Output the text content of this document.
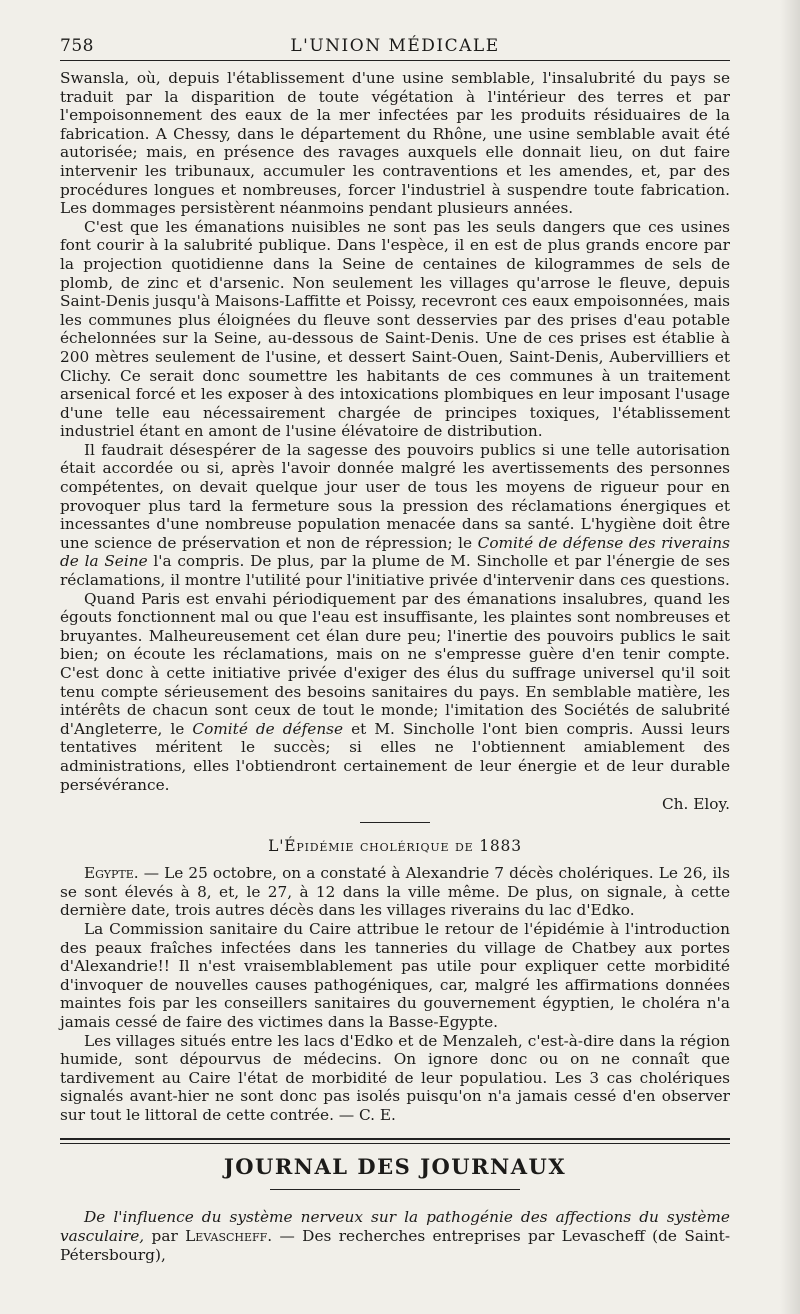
758	L'UNION MÉDICALE

Swansla, où, depuis l'établissement d'une usine semblable, l'insalubrité du pays se traduit par la disparition de toute végétation à l'intérieur des terres et par l'empoisonnement des eaux de la mer infectées par les produits résiduaires de la fabrication. A Chessy, dans le département du Rhône, une usine semblable avait été autorisée; mais, en présence des ravages auxquels elle donnait lieu, on dut faire intervenir les tribunaux, accumuler les contraventions et les amendes, et, par des procédures longues et nombreuses, forcer l'industriel à suspendre toute fabrication. Les dommages persistèrent néanmoins pendant plusieurs années.

C'est que les émanations nuisibles ne sont pas les seuls dangers que ces usines font courir à la salubrité publique. Dans l'espèce, il en est de plus grands encore par la projection quotidienne dans la Seine de centaines de kilogrammes de sels de plomb, de zinc et d'arsenic. Non seulement les villages qu'arrose le fleuve, depuis Saint-Denis jusqu'à Maisons-Laffitte et Poissy, recevront ces eaux empoisonnées, mais les communes plus éloignées du fleuve sont desservies par des prises d'eau potable échelonnées sur la Seine, au-dessous de Saint-Denis. Une de ces prises est établie à 200 mètres seulement de l'usine, et dessert Saint-Ouen, Saint-Denis, Aubervilliers et Clichy. Ce serait donc soumettre les habitants de ces communes à un traitement arsenical forcé et les exposer à des intoxications plombiques en leur imposant l'usage d'une telle eau nécessairement chargée de principes toxiques, l'établissement industriel étant en amont de l'usine élévatoire de distribution.

Il faudrait désespérer de la sagesse des pouvoirs publics si une telle autorisation était accordée ou si, après l'avoir donnée malgré les avertissements des personnes compétentes, on devait quelque jour user de tous les moyens de rigueur pour en provoquer plus tard la fermeture sous la pression des réclamations énergiques et incessantes d'une nombreuse population menacée dans sa santé. L'hygiène doit être une science de préservation et non de répression; le Comité de défense des riverains de la Seine l'a compris. De plus, par la plume de M. Sincholle et par l'énergie de ses réclamations, il montre l'utilité pour l'initiative privée d'intervenir dans ces questions.

Quand Paris est envahi périodiquement par des émanations insalubres, quand les égouts fonctionnent mal ou que l'eau est insuffisante, les plaintes sont nombreuses et bruyantes. Malheureusement cet élan dure peu; l'inertie des pouvoirs publics le sait bien; on écoute les réclamations, mais on ne s'empresse guère d'en tenir compte. C'est donc à cette initiative privée d'exiger des élus du suffrage universel qu'il soit tenu compte sérieusement des besoins sanitaires du pays. En semblable matière, les intérêts de chacun sont ceux de tout le monde; l'imitation des Sociétés de salubrité d'Angleterre, le Comité de défense et M. Sincholle l'ont bien compris. Aussi leurs tentatives méritent le succès; si elles ne l'obtiennent amiablement des administrations, elles l'obtiendront certainement de leur énergie et de leur durable persévérance.

Ch. Eloy.
L'Épidémie cholérique de 1883

Egypte. — Le 25 octobre, on a constaté à Alexandrie 7 décès cholériques. Le 26, ils se sont élevés à 8, et, le 27, à 12 dans la ville même. De plus, on signale, à cette dernière date, trois autres décès dans les villages riverains du lac d'Edko.

La Commission sanitaire du Caire attribue le retour de l'épidémie à l'introduction des peaux fraîches infectées dans les tanneries du village de Chatbey aux portes d'Alexandrie!! Il n'est vraisemblablement pas utile pour expliquer cette morbidité d'invoquer de nouvelles causes pathogéniques, car, malgré les affirmations données maintes fois par les conseillers sanitaires du gouvernement égyptien, le choléra n'a jamais cessé de faire des victimes dans la Basse-Egypte.

Les villages situés entre les lacs d'Edko et de Menzaleh, c'est-à-dire dans la région humide, sont dépourvus de médecins. On ignore donc ou on ne connaît que tardivement au Caire l'état de morbidité de leur populatiou. Les 3 cas cholériques signalés avant-hier ne sont donc pas isolés puisqu'on n'a jamais cessé d'en observer sur tout le littoral de cette contrée. — C. E.

JOURNAL DES JOURNAUX

De l'influence du système nerveux sur la pathogénie des affections du système vasculaire, par Levascheff. — Des recherches entreprises par Levascheff (de Saint-Pétersbourg),
